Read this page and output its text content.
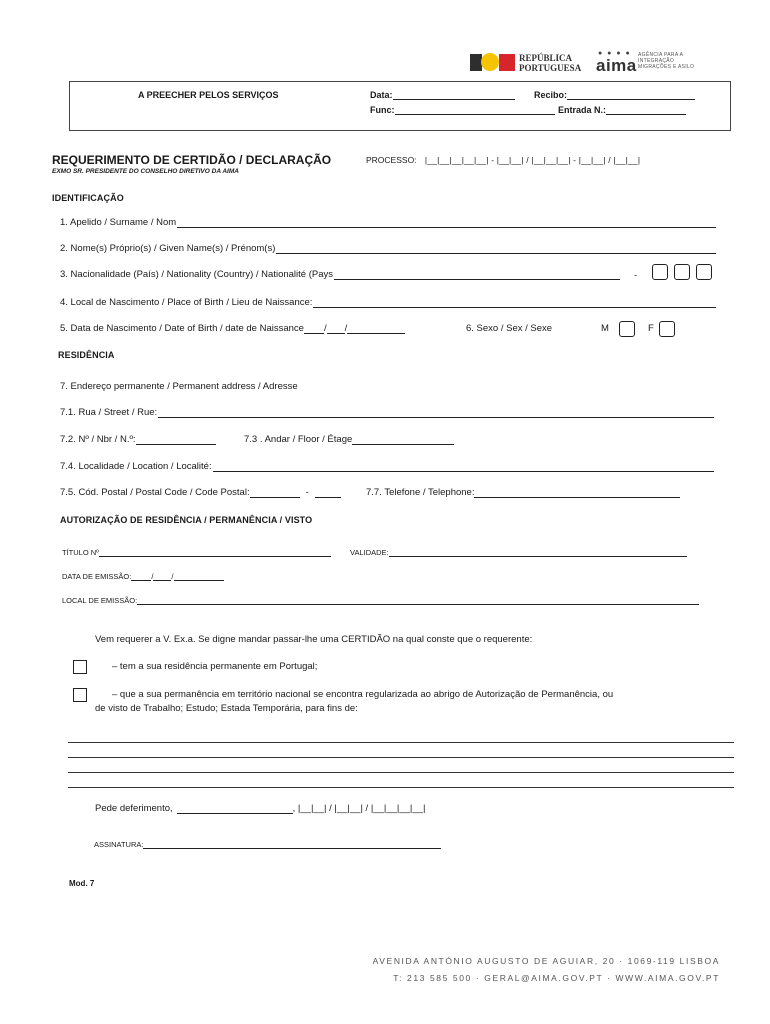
REPÚBLICA
PORTUGUESA
● ● ● ●
aima
AGÊNCIA PARA A
INTEGRAÇÃO
MIGRAÇÕES E ASILO
A PREECHER PELOS SERVIÇOS	Data:	Recibo:
Func:	Entrada N.:
REQUERIMENTO DE CERTIDÃO / DECLARAÇÃO
EXMO SR. PRESIDENTE DO CONSELHO DIRETIVO DA AIMA
PROCESSO: |__|__|__|__|__| - |__|__| / |__|__|__| - |__|__| / |__|__|
IDENTIFICAÇÃO
1. Apelido / Surname / Nom
2. Nome(s) Próprio(s) / Given Name(s) / Prénom(s)
3. Nacionalidade (País) / Nationality (Country) / Nationalité (Pays	-
4. Local de Nascimento / Place of Birth / Lieu de Naissance:
5. Data de Nascimento / Date of Birth / date de Naissance / /	6. Sexo / Sex / Sexe	M	F
RESIDÊNCIA
7. Endereço permanente / Permanent address / Adresse
7.1. Rua / Street / Rue:
7.2. Nº / Nbr / N.º:	7.3 . Andar / Floor / Étage
7.4. Localidade / Location / Localité:
7.5. Cód. Postal / Postal Code / Code Postal:	-	7.7. Telefone / Telephone:
AUTORIZAÇÃO DE RESIDÊNCIA / PERMANÊNCIA / VISTO
TÍTULO Nº	VALIDADE:
DATA DE EMISSÃO:	/ /
LOCAL DE EMISSÃO:
Vem requerer a V. Ex.a. Se digne mandar passar-lhe uma CERTIDÃO na qual conste que o requerente:
– tem a sua residência permanente em Portugal;
– que a sua permanência em território nacional se encontra regularizada ao abrigo de Autorização de Permanência, ou
de visto de Trabalho; Estudo; Estada Temporária, para fins de:
Pede deferimento,	, |__|__| / |__|__| / |__|__|__|__|
ASSINATURA:
Mod. 7
AVENIDA ANTÓNIO AUGUSTO DE AGUIAR, 20 · 1069-119 LISBOA
T: 213 585 500 · GERAL@AIMA.GOV.PT · WWW.AIMA.GOV.PT
